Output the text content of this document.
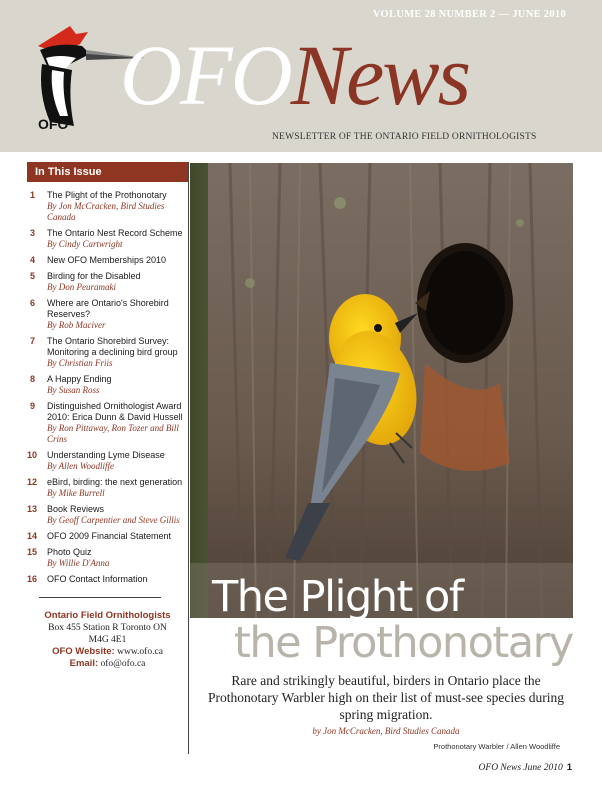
VOLUME 28 NUMBER 2 — JUNE 2010
OFO
OFONews
NEWSLETTER OF THE ONTARIO FIELD ORNITHOLOGISTS
In This Issue
1	The Plight of the Prothonotary
By Jon McCracken, Bird Studies Canada
3	The Ontario Nest Record Scheme
By Cindy Cartwright
4	New OFO Memberships 2010
5	Birding for the Disabled
By Don Peuramaki
6	Where are Ontario's Shorebird Reserves?
By Rob Maciver
7	The Ontario Shorebird Survey: Monitoring a declining bird group
By Christian Friis
8	A Happy Ending
By Susan Ross
9	Distinguished Ornithologist Award 2010: Erica Dunn & David Hussell
By Ron Pittaway, Ron Tozer and Bill Crins
10	Understanding Lyme Disease
By Allen Woodliffe
12	eBird, birding: the next generation
By Mike Burrell
13	Book Reviews
By Geoff Carpentier and Steve Gillis
14	OFO 2009 Financial Statement
15	Photo Quiz
By Willie D'Anna
16	OFO Contact Information
Ontario Field Ornithologists
Box 455 Station R Toronto ON
M4G 4E1
OFO Website: www.ofo.ca
Email: ofo@ofo.ca
The Plight of
the Prothonotary
Rare and strikingly beautiful, birders in Ontario place the Prothonotary Warbler high on their list of must-see species during spring migration.
by Jon McCracken, Bird Studies Canada
Prothonotary Warbler / Allen Woodliffe
OFO News June 2010 1
